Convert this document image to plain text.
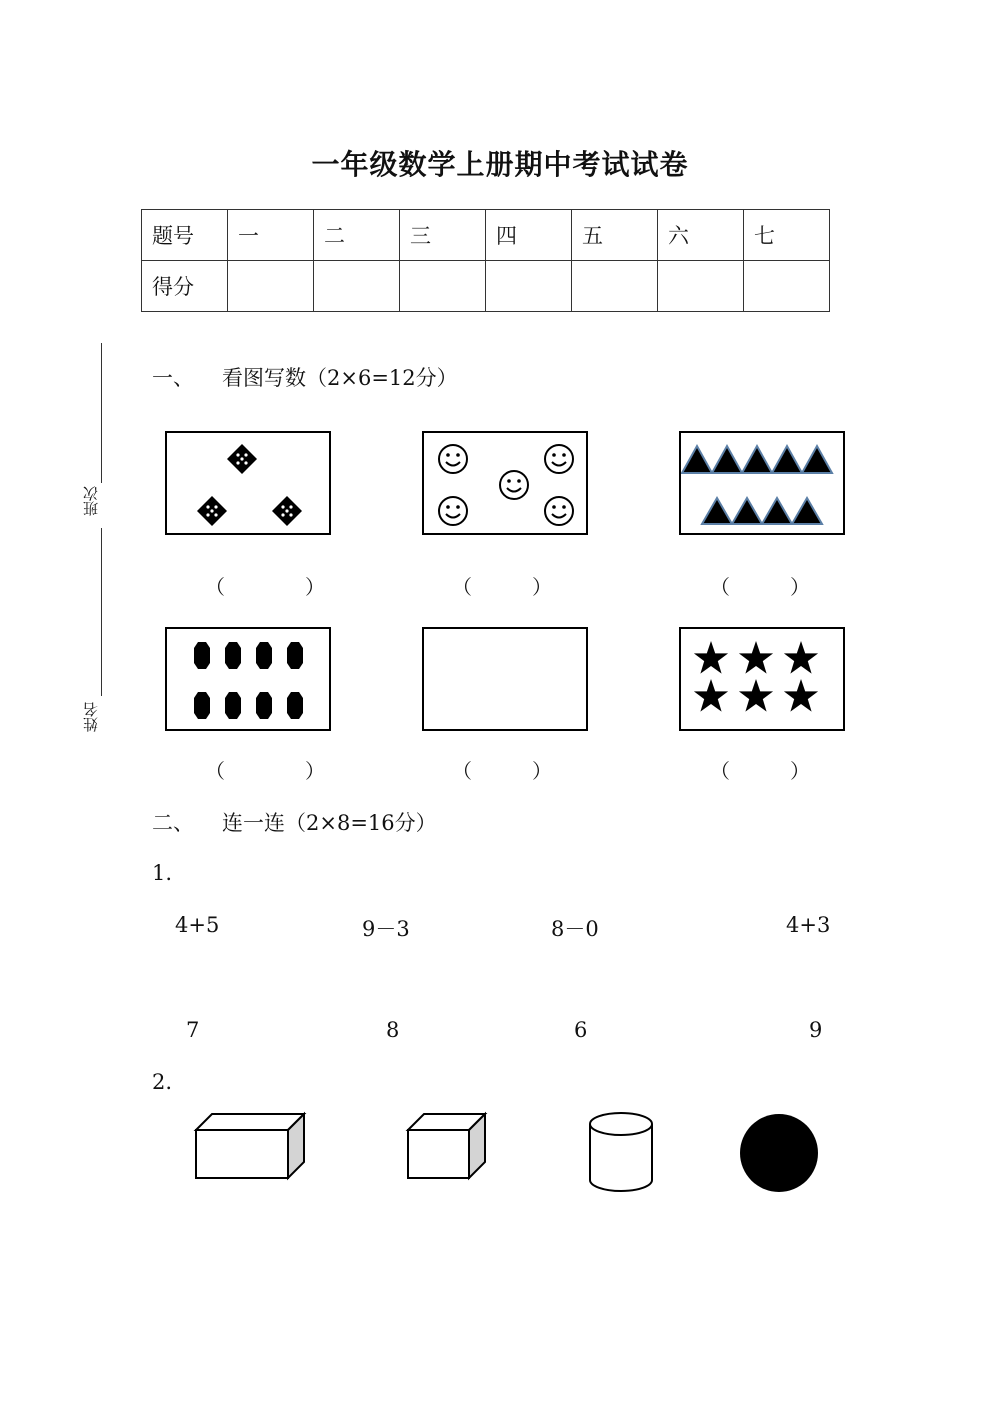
一年级数学上册期中考试试卷
题号	一	二	三	四	五	六	七
得分							
班次
姓名
一、 看图写数（2×6=12分）
（　　　　）	（　　　）	（　　　）
（　　　　）	（　　　）	（　　　）
二、 连一连（2×8=16分）
1.
4+5	9－3	8－0	4+3
7	8	6	9
2.
